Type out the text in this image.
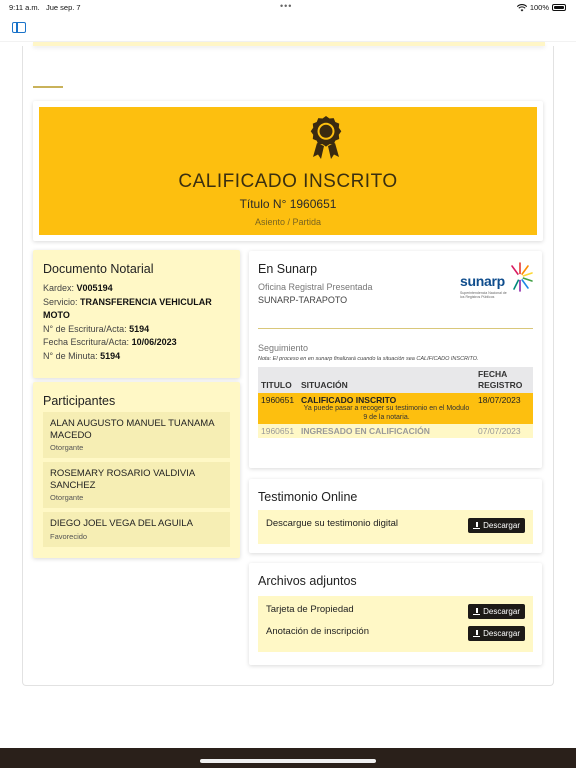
9:11 a.m. Jue sep. 7	•••	100%
CALIFICADO INSCRITO
Título N° 1960651
Asiento / Partida
Documento Notarial
Kardex: V005194
Servicio: TRANSFERENCIA VEHICULAR MOTO
N° de Escritura/Acta: 5194
Fecha Escritura/Acta: 10/06/2023
N° de Minuta: 5194
Participantes
ALAN AUGUSTO MANUEL TUANAMA MACEDO
Otorgante
ROSEMARY ROSARIO VALDIVIA SANCHEZ
Otorgante
DIEGO JOEL VEGA DEL AGUILA
Favorecido
En Sunarp
Oficina Registral Presentada
SUNARP-TARAPOTO
sunarp
Superintendencia Nacional de los Registros Públicos
Seguimiento
Nota: El proceso en en sunarp finalizará cuando la situación sea CALIFICADO INSCRITO.
TITULO	SITUACIÓN	FECHA REGISTRO
1960651	CALIFICADO INSCRITO
Ya puede pasar a recoger su testimonio en el Modulo 9 de la notaria.	18/07/2023
1960651	INGRESADO EN CALIFICACIÓN	07/07/2023
Testimonio Online
Descargue su testimonio digital	Descargar
Archivos adjuntos
Tarjeta de Propiedad	Descargar
Anotación de inscripción	Descargar
